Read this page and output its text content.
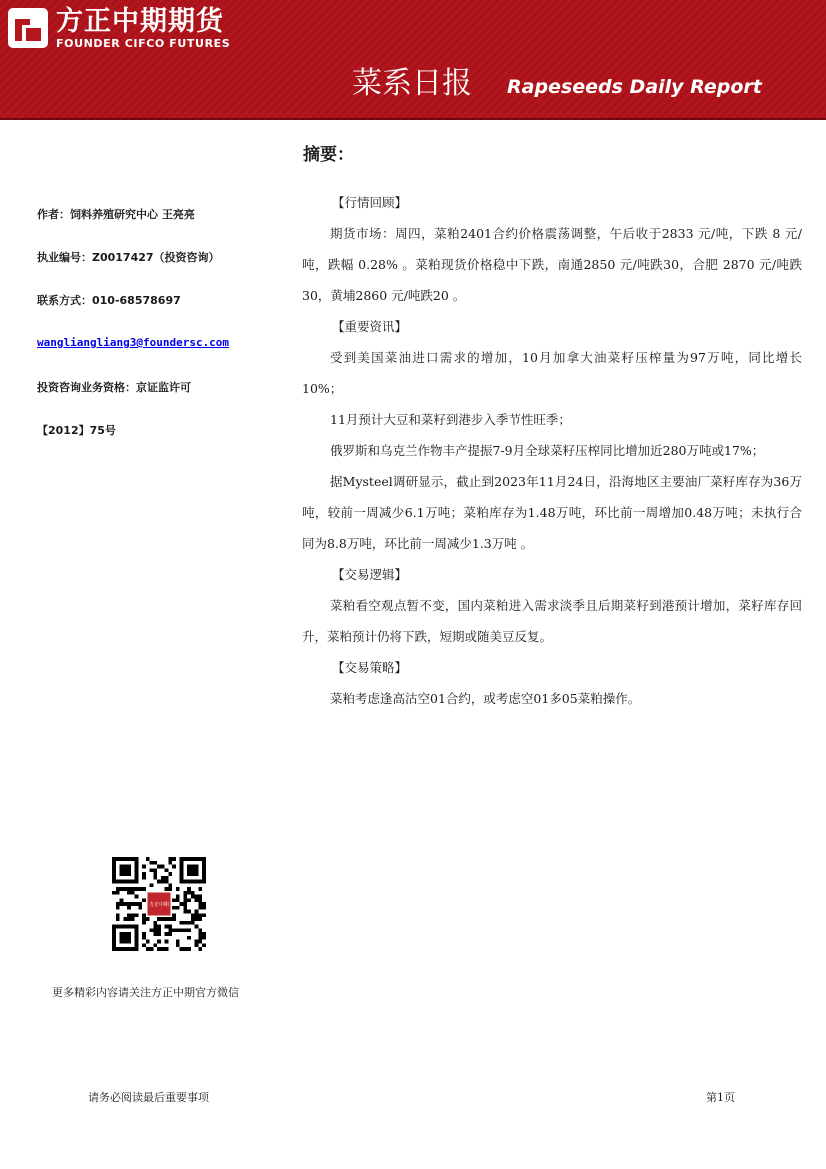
方正中期期货
FOUNDER CIFCO FUTURES
菜系日报 Rapeseeds Daily Report
摘要：
作者：饲料养殖研究中心 王亮亮
执业编号：Z0017427（投资咨询）
联系方式：010-68578697
wangliangliang3@foundersc.com
投资咨询业务资格：京证监许可
【2012】75号

【行情回顾】

期货市场：周四，菜粕2401合约价格震荡调整，午后收于2833 元/吨，下跌 8 元/吨，跌幅 0.28% 。菜粕现货价格稳中下跌，南通2850 元/吨跌30，合肥 2870 元/吨跌30，黄埔2860 元/吨跌20 。

【重要资讯】

受到美国菜油进口需求的增加，10月加拿大油菜籽压榨量为97万吨，同比增长10%；

11月预计大豆和菜籽到港步入季节性旺季；

俄罗斯和乌克兰作物丰产提振7-9月全球菜籽压榨同比增加近280万吨或17%；

据Mysteel调研显示，截止到2023年11月24日，沿海地区主要油厂菜籽库存为36万吨，较前一周减少6.1万吨；菜粕库存为1.48万吨，环比前一周增加0.48万吨；未执行合同为8.8万吨，环比前一周减少1.3万吨 。

【交易逻辑】

菜粕看空观点暂不变，国内菜粕进入需求淡季且后期菜籽到港预计增加，菜籽库存回升，菜粕预计仍将下跌，短期或随美豆反复。

【交易策略】

菜粕考虑逢高沽空01合约，或考虑空01多05菜粕操作。

方正中期
更多精彩内容请关注方正中期官方微信
请务必阅读最后重要事项	第1页
